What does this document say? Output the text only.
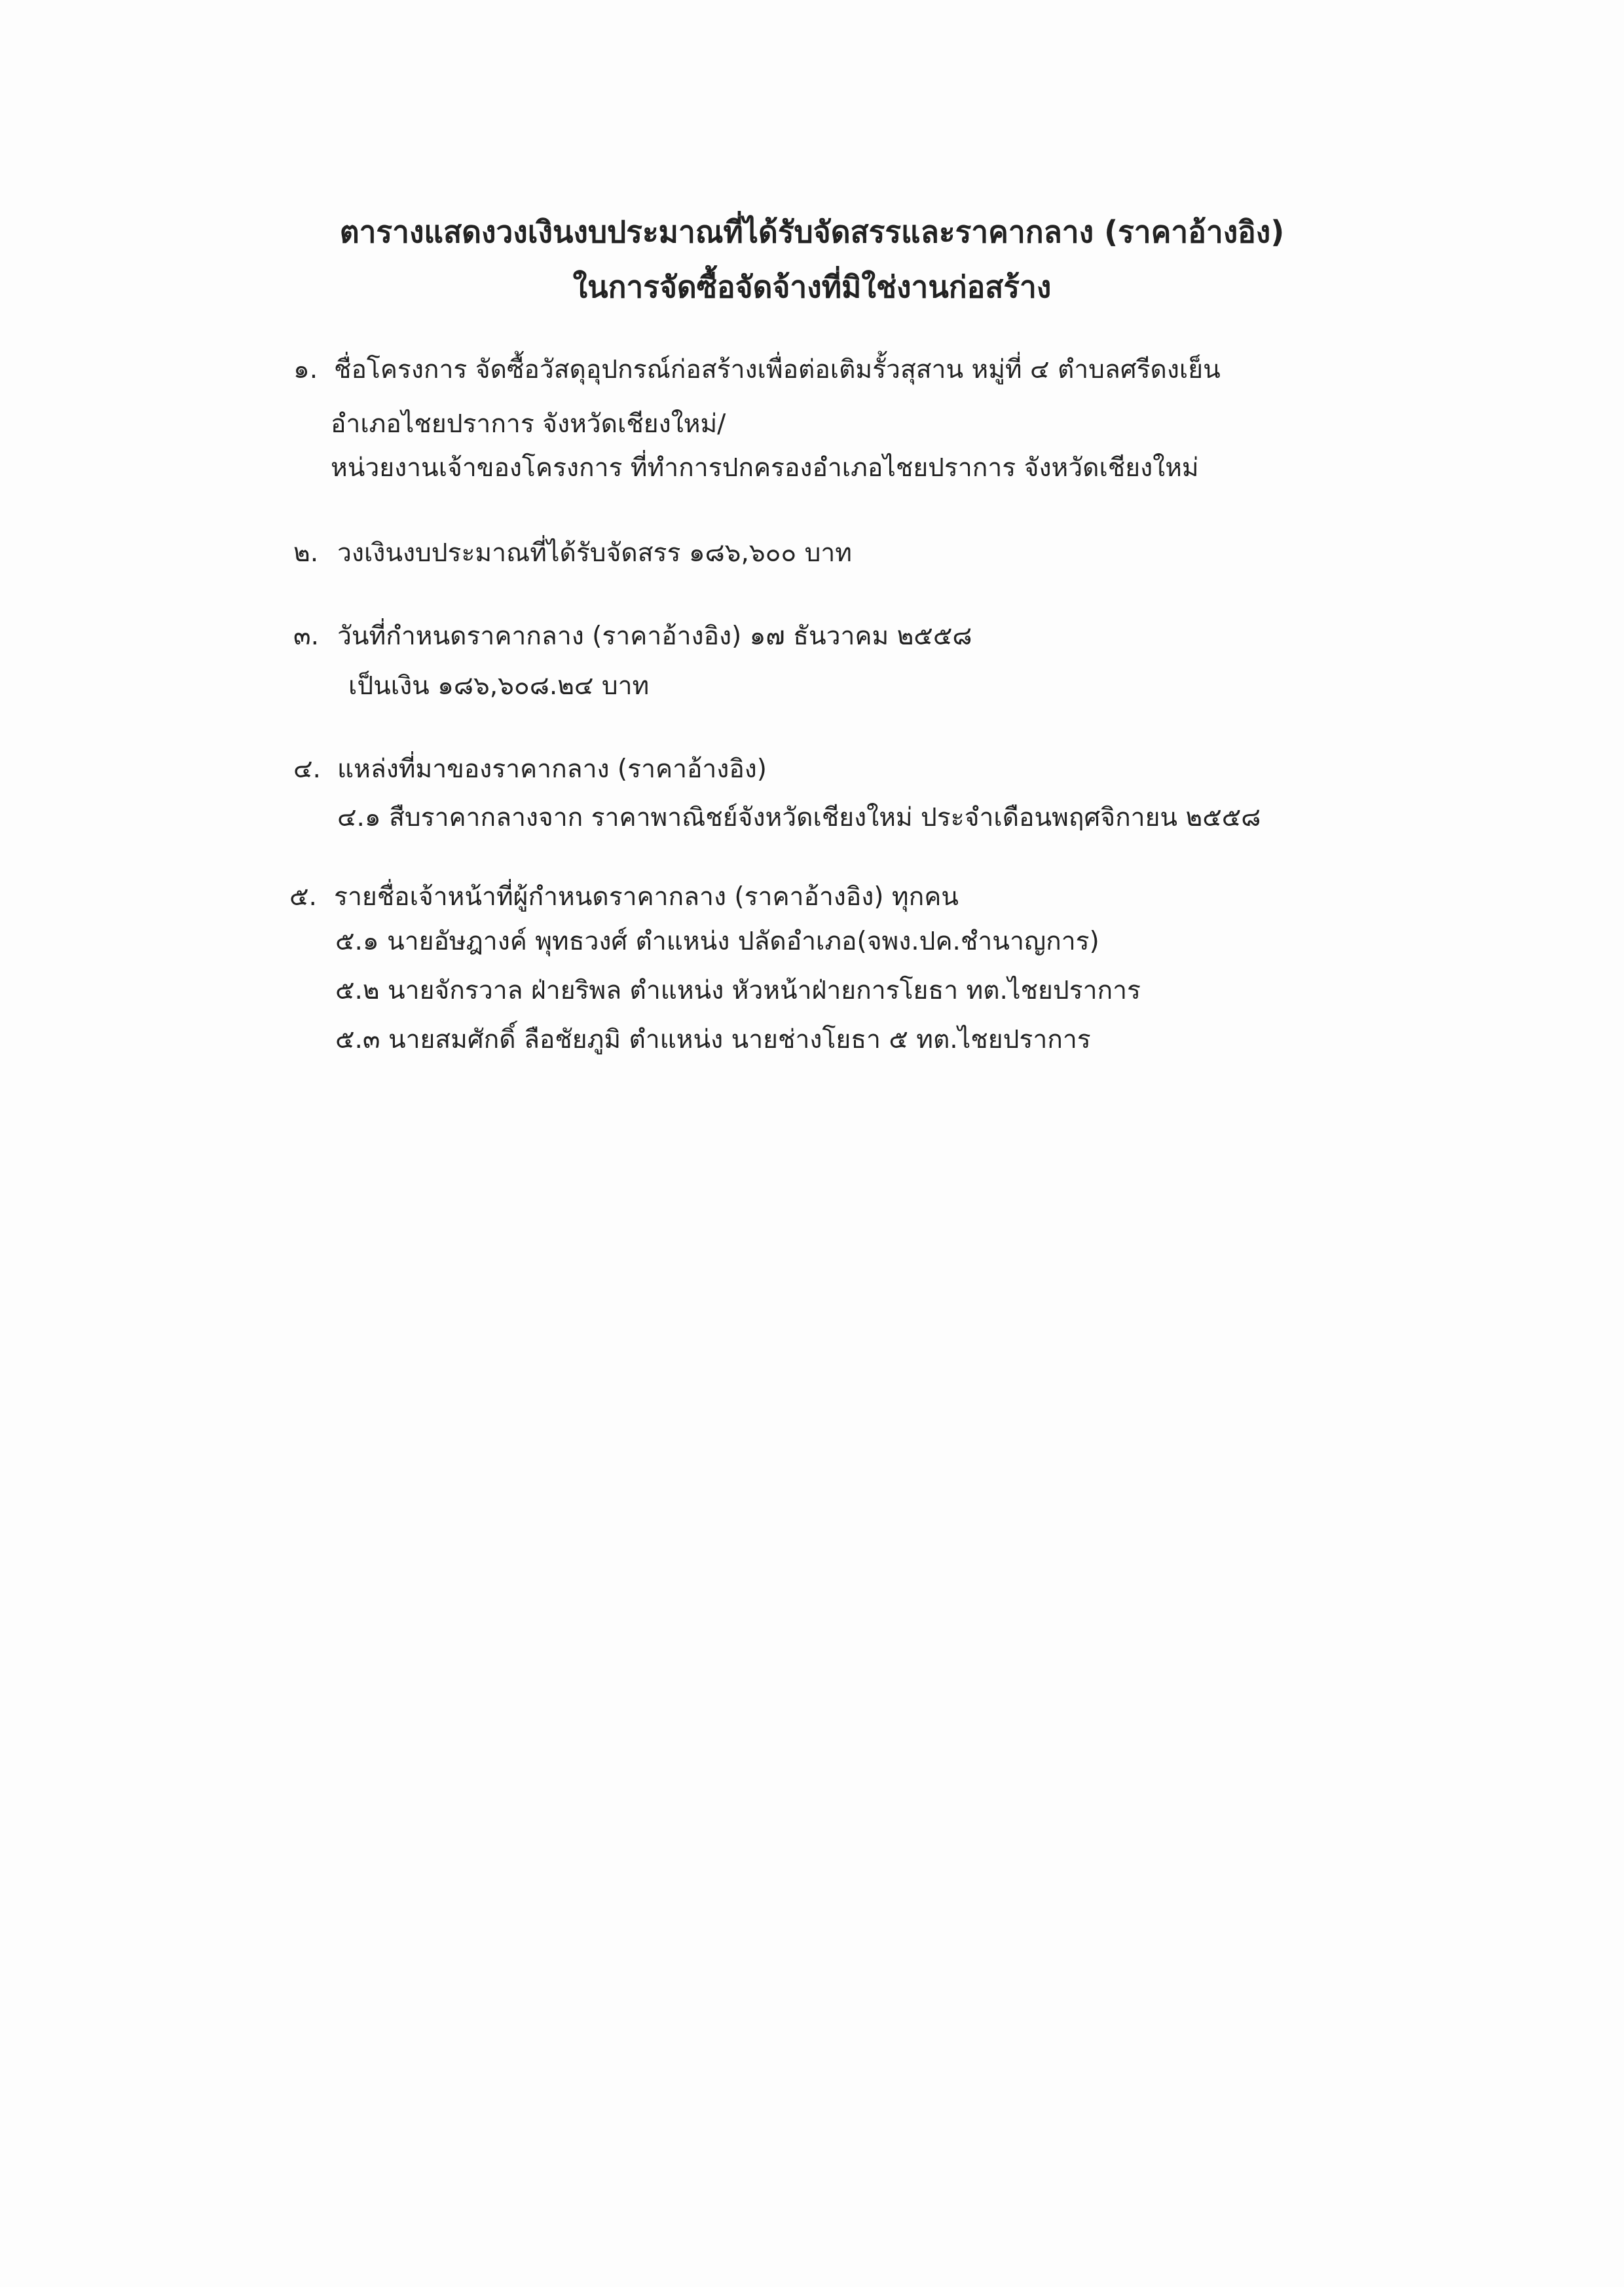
ตารางแสดงวงเงินงบประมาณที่ได้รับจัดสรรและราคากลาง (ราคาอ้างอิง)
ในการจัดซื้อจัดจ้างที่มิใช่งานก่อสร้าง
๑. ชื่อโครงการ จัดซื้อวัสดุอุปกรณ์ก่อสร้างเพื่อต่อเติมรั้วสุสาน หมู่ที่ ๔ ตำบลศรีดงเย็น
อำเภอไชยปราการ จังหวัดเชียงใหม่/
หน่วยงานเจ้าของโครงการ ที่ทำการปกครองอำเภอไชยปราการ จังหวัดเชียงใหม่
๒. วงเงินงบประมาณที่ได้รับจัดสรร ๑๘๖,๖๐๐ บาท
๓. วันที่กำหนดราคากลาง (ราคาอ้างอิง) ๑๗ ธันวาคม ๒๕๕๘
เป็นเงิน ๑๘๖,๖๐๘.๒๔ บาท
๔. แหล่งที่มาของราคากลาง (ราคาอ้างอิง)
๔.๑ สืบราคากลางจาก ราคาพาณิชย์จังหวัดเชียงใหม่ ประจำเดือนพฤศจิกายน ๒๕๕๘
๕. รายชื่อเจ้าหน้าที่ผู้กำหนดราคากลาง (ราคาอ้างอิง) ทุกคน
๕.๑ นายอัษฎางค์ พุทธวงศ์ ตำแหน่ง ปลัดอำเภอ(จพง.ปค.ชำนาญการ)
๕.๒ นายจักรวาล ฝ่ายริพล ตำแหน่ง หัวหน้าฝ่ายการโยธา ทต.ไชยปราการ
๕.๓ นายสมศักดิ์ ลือชัยภูมิ ตำแหน่ง นายช่างโยธา ๕ ทต.ไชยปราการ
